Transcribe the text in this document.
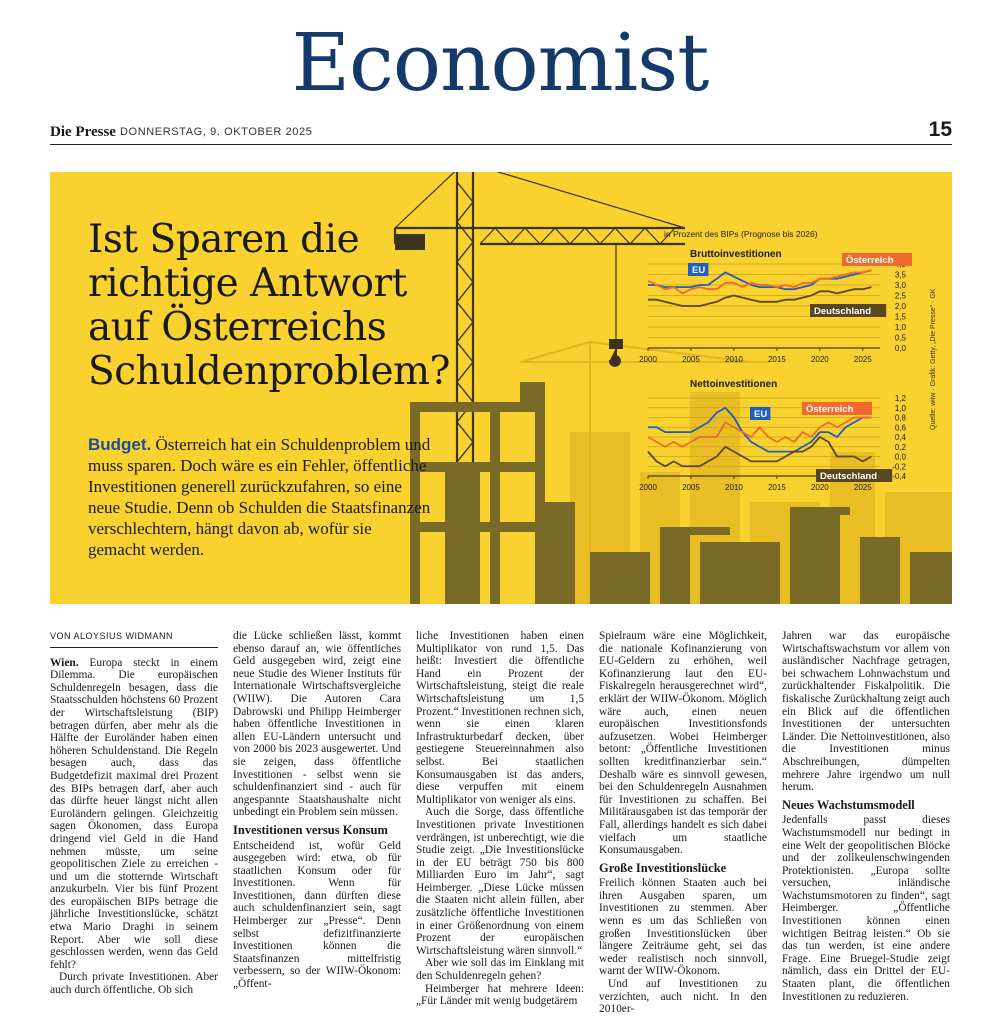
Economist
Die Presse DONNERSTAG, 9. OKTOBER 2025	15
Bruttoinvestitionen
3,5
3,0
2,5
2,0
1,5
1,0
0,5
0,0
2000	2005	2010	2015	2020	2025
EU
Österreich
Deutschland
Nettoinvestitionen
1,2
1,0
0,8
0,6
0,4
0,2
0,0
-0,2
-0,4
2000	2005	2010	2015	2020	2025
EU	Österreich
Deutschland
Ist Sparen die richtige Antwort auf Österreichs Schuldenproblem?
Budget. Österreich hat ein Schuldenproblem und muss sparen. Doch wäre es ein Fehler, öffentliche Investitionen generell zurückzufahren, so eine neue Studie. Denn ob Schulden die Staatsfinanzen verschlechtern, hängt davon ab, wofür sie gemacht werden.
in Prozent des BIPs (Prognose bis 2026)
Quelle: wiiw · Grafik: Getty, „Die Presse“ · GK
VON ALOYSIUS WIDMANN

Wien. Europa steckt in einem Dilemma. Die europäischen Schuldenregeln besagen, dass die Staatsschulden höchstens 60 Prozent der Wirtschaftsleistung (BIP) betragen dürfen, aber mehr als die Hälfte der Euroländer haben einen höheren Schuldenstand. Die Regeln besagen auch, dass das Budgetdefizit maximal drei Prozent des BIPs betragen darf, aber auch das dürfte heuer längst nicht allen Euroländern gelingen. Gleichzeitig sagen Ökonomen, dass Europa dringend viel Geld in die Hand nehmen müsste, um seine geopolitischen Ziele zu erreichen - und um die stotternde Wirtschaft anzukurbeln. Vier bis fünf Prozent des europäischen BIPs betrage die jährliche Investitionslücke, schätzt etwa Mario Draghi in seinem Report. Aber wie soll diese geschlossen werden, wenn das Geld fehlt?

Durch private Investitionen. Aber auch durch öffentliche. Ob sich

die Lücke schließen lässt, kommt ebenso darauf an, wie öffentliches Geld ausgegeben wird, zeigt eine neue Studie des Wiener Instituts für Internationale Wirtschaftsvergleiche (WIIW). Die Autoren Cara Dabrowski und Philipp Heimberger haben öffentliche Investitionen in allen EU-Ländern untersucht und von 2000 bis 2023 ausgewertet. Und sie zeigen, dass öffentliche Investitionen - selbst wenn sie schuldenfinanziert sind - auch für angespannte Staatshaushalte nicht unbedingt ein Problem sein müssen.

Investitionen versus Konsum

Entscheidend ist, wofür Geld ausgegeben wird: etwa, ob für staatlichen Konsum oder für Investitionen. Wenn für Investitionen, dann dürften diese auch schuldenfinanziert sein, sagt Heimberger zur „Presse“. Denn selbst defizitfinanzierte Investitionen können die Staatsfinanzen mittelfristig verbessern, so der WIIW-Ökonom: „Öffent-

liche Investitionen haben einen Multiplikator von rund 1,5. Das heißt: Investiert die öffentliche Hand ein Prozent der Wirtschaftsleistung, steigt die reale Wirtschaftsleistung um 1,5 Prozent.“ Investitionen rechnen sich, wenn sie einen klaren Infrastrukturbedarf decken, über gestiegene Steuereinnahmen also selbst. Bei staatlichen Konsumausgaben ist das anders, diese verpuffen mit einem Multiplikator von weniger als eins.

Auch die Sorge, dass öffentliche Investitionen private Investitionen verdrängen, ist unberechtigt, wie die Studie zeigt. „Die Investitionslücke in der EU beträgt 750 bis 800 Milliarden Euro im Jahr“, sagt Heimberger. „Diese Lücke müssen die Staaten nicht allein füllen, aber zusätzliche öffentliche Investitionen in einer Größenordnung von einem Prozent der europäischen Wirtschaftsleistung wären sinnvoll.“

Aber wie soll das im Einklang mit den Schuldenregeln gehen?

Heimberger hat mehrere Ideen: „Für Länder mit wenig budgetärem

Spielraum wäre eine Möglichkeit, die nationale Kofinanzierung von EU-Geldern zu erhöhen, weil Kofinanzierung laut den EU-Fiskalregeln herausgerechnet wird“, erklärt der WIIW-Ökonom. Möglich wäre auch, einen neuen europäischen Investitionsfonds aufzusetzen. Wobei Heimberger betont: „Öffentliche Investitionen sollten kreditfinanzierbar sein.“ Deshalb wäre es sinnvoll gewesen, bei den Schuldenregeln Ausnahmen für Investitionen zu schaffen. Bei Militärausgaben ist das temporär der Fall, allerdings handelt es sich dabei vielfach um staatliche Konsumausgaben.

Große Investitionslücke

Freilich können Staaten auch bei ihren Ausgaben sparen, um Investitionen zu stemmen. Aber wenn es um das Schließen von großen Investitionslücken über längere Zeiträume geht, sei das weder realistisch noch sinnvoll, warnt der WIIW-Ökonom.

Und auf Investitionen zu verzichten, auch nicht. In den 2010er-

Jahren war das europäische Wirtschaftswachstum vor allem von ausländischer Nachfrage getragen, bei schwachem Lohnwachstum und zurückhaltender Fiskalpolitik. Die fiskalische Zurückhaltung zeigt auch ein Blick auf die öffentlichen Investitionen der untersuchten Länder. Die Nettoinvestitionen, also die Investitionen minus Abschreibungen, dümpelten mehrere Jahre irgendwo um null herum.

Neues Wachstumsmodell

Jedenfalls passt dieses Wachstumsmodell nur bedingt in eine Welt der geopolitischen Blöcke und der zollkeulenschwingenden Protektionisten. „Europa sollte versuchen, inländische Wachstumsmotoren zu finden“, sagt Heimberger. „Öffentliche Investitionen können einen wichtigen Beitrag leisten.“ Ob sie das tun werden, ist eine andere Frage. Eine Bruegel-Studie zeigt nämlich, dass ein Drittel der EU-Staaten plant, die öffentlichen Investitionen zu reduzieren.
